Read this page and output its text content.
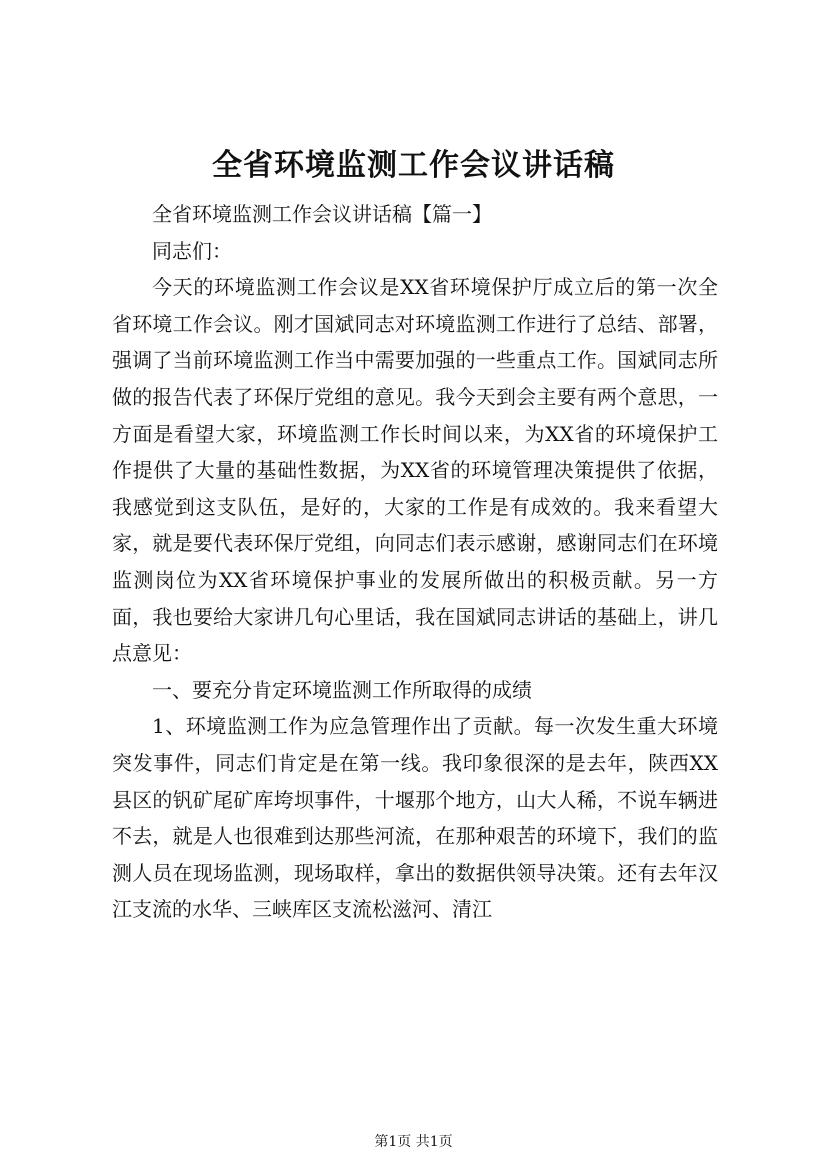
全省环境监测工作会议讲话稿

全省环境监测工作会议讲话稿【篇一】

同志们：

今天的环境监测工作会议是XX省环境保护厅成立后的第一次全省环境工作会议。刚才国斌同志对环境监测工作进行了总结、部署，强调了当前环境监测工作当中需要加强的一些重点工作。国斌同志所做的报告代表了环保厅党组的意见。我今天到会主要有两个意思，一方面是看望大家，环境监测工作长时间以来，为XX省的环境保护工作提供了大量的基础性数据，为XX省的环境管理决策提供了依据，我感觉到这支队伍，是好的，大家的工作是有成效的。我来看望大家，就是要代表环保厅党组，向同志们表示感谢，感谢同志们在环境监测岗位为XX省环境保护事业的发展所做出的积极贡献。另一方面，我也要给大家讲几句心里话，我在国斌同志讲话的基础上，讲几点意见：

一、要充分肯定环境监测工作所取得的成绩

1、环境监测工作为应急管理作出了贡献。每一次发生重大环境突发事件，同志们肯定是在第一线。我印象很深的是去年，陕西XX县区的钒矿尾矿库垮坝事件，十堰那个地方，山大人稀，不说车辆进不去，就是人也很难到达那些河流，在那种艰苦的环境下，我们的监测人员在现场监测，现场取样，拿出的数据供领导决策。还有去年汉江支流的水华、三峡库区支流松滋河、清江

第1页 共1页
